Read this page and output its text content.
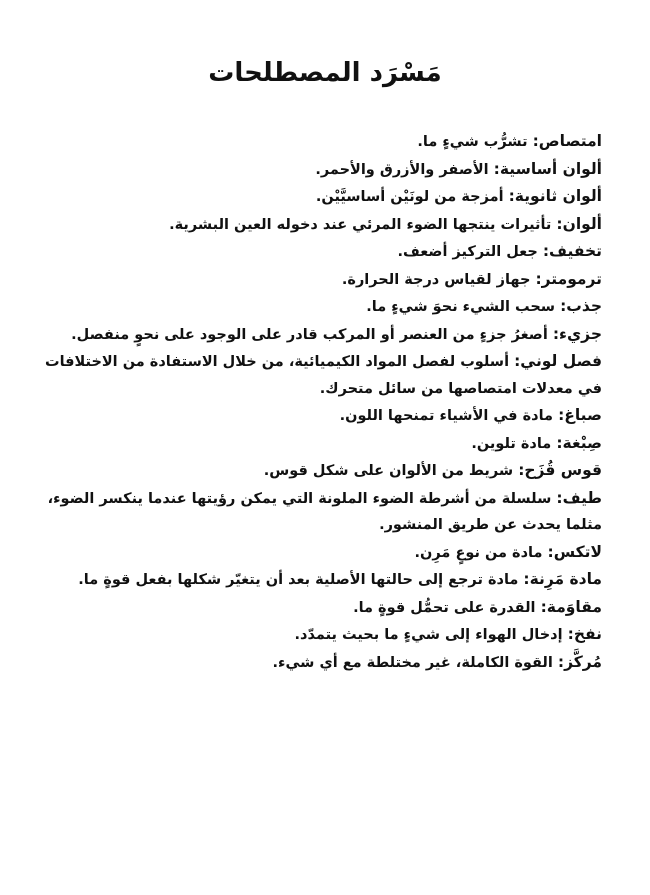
مَسْرَد المصطلحات
امتصاص: تشرُّب شيءٍ ما.
ألوان أساسية: الأصفر والأزرق والأحمر.
ألوان ثانوية: أمزجة من لونَيْن أساسيَّيْن.
ألوان: تأثيرات ينتجها الضوء المرئي عند دخوله العين البشرية.
تخفيف: جعل التركيز أضعف.
ترمومتر: جهاز لقياس درجة الحرارة.
جذب: سحب الشيء نحوَ شيءٍ ما.
جزيء: أصغرُ جزءٍ من العنصر أو المركب قادر على الوجود على نحوٍ منفصل.
فصل لوني: أسلوب لفصل المواد الكيميائية، من خلال الاستفادة من الاختلافات في معدلات امتصاصها من سائل متحرك.
صباغ: مادة في الأشياء تمنحها اللون.
صِبْغة: مادة تلوين.
قوس قُزَح: شريط من الألوان على شكل قوس.
طيف: سلسلة من أشرطة الضوء الملونة التي يمكن رؤيتها عندما ينكسر الضوء، مثلما يحدث عن طريق المنشور.
لاتكس: مادة من نوعٍ مَرِن.
مادة مَرِنة: مادة ترجع إلى حالتها الأصلية بعد أن يتغيّر شكلها بفعل قوةٍ ما.
مقاوَمة: القدرة على تحمُّل قوةٍ ما.
نفخ: إدخال الهواء إلى شيءٍ ما بحيث يتمدّد.
مُركَّز: القوة الكاملة، غير مختلطة مع أي شيء.
